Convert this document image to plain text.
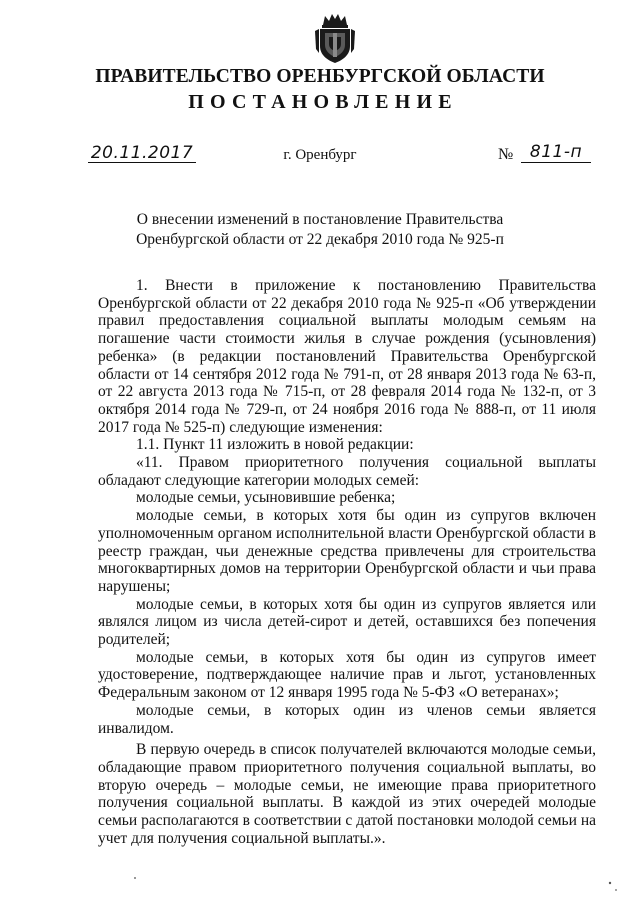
ПРАВИТЕЛЬСТВО ОРЕНБУРГСКОЙ ОБЛАСТИ
ПОСТАНОВЛЕНИЕ
20.11.2017	г. Оренбург	№ 811-п
О внесении изменений в постановление Правительства
Оренбургской области от 22 декабря 2010 года № 925-п

1. Внести в приложение к постановлению Правительства Оренбургской области от 22 декабря 2010 года № 925-п «Об утверждении правил предоставления социальной выплаты молодым семьям на погашение части стоимости жилья в случае рождения (усыновления) ребенка» (в редакции постановлений Правительства Оренбургской области от 14 сентября 2012 года № 791-п, от 28 января 2013 года № 63-п, от 22 августа 2013 года № 715-п, от 28 февраля 2014 года № 132-п, от 3 октября 2014 года № 729-п, от 24 ноября 2016 года № 888-п, от 11 июля 2017 года № 525-п) следующие изменения:

1.1. Пункт 11 изложить в новой редакции:

«11. Правом приоритетного получения социальной выплаты обладают следующие категории молодых семей:

молодые семьи, усыновившие ребенка;

молодые семьи, в которых хотя бы один из супругов включен уполномоченным органом исполнительной власти Оренбургской области в реестр граждан, чьи денежные средства привлечены для строительства многоквартирных домов на территории Оренбургской области и чьи права нарушены;

молодые семьи, в которых хотя бы один из супругов является или являлся лицом из числа детей-сирот и детей, оставшихся без попечения родителей;

молодые семьи, в которых хотя бы один из супругов имеет удостоверение, подтверждающее наличие прав и льгот, установленных Федеральным законом от 12 января 1995 года № 5-ФЗ «О ветеранах»;

молодые семьи, в которых один из членов семьи является инвалидом.

В первую очередь в список получателей включаются молодые семьи, обладающие правом приоритетного получения социальной выплаты, во вторую очередь – молодые семьи, не имеющие права приоритетного получения социальной выплаты. В каждой из этих очередей молодые семьи располагаются в соответствии с датой постановки молодой семьи на учет для получения социальной выплаты.».
